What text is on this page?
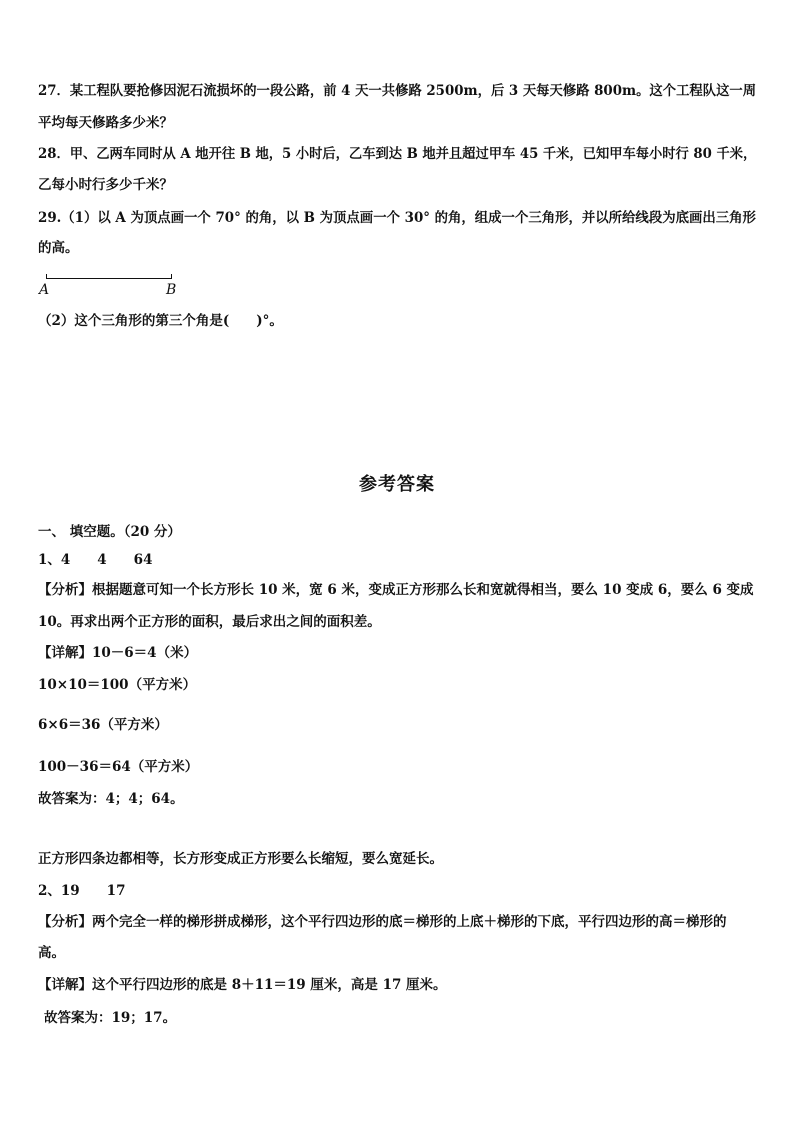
27．某工程队要抢修因泥石流损坏的一段公路，前 4 天一共修路 2500m，后 3 天每天修路 800m。这个工程队这一周
平均每天修路多少米？
28．甲、乙两车同时从 A 地开往 B 地，5 小时后，乙车到达 B 地并且超过甲车 45 千米，已知甲车每小时行 80 千米，
乙每小时行多少千米？
29.（1）以 A 为顶点画一个 70° 的角，以 B 为顶点画一个 30° 的角，组成一个三角形，并以所给线段为底画出三角形
的高。
A	B
（2）这个三角形的第三个角是(　　)°。
参考答案
一、 填空题。（20 分）
1、4　　4　　64
【分析】根据题意可知一个长方形长 10 米，宽 6 米，变成正方形那么长和宽就得相当，要么 10 变成 6，要么 6 变成
10。再求出两个正方形的面积，最后求出之间的面积差。
【详解】10－6＝4（米）
10×10＝100（平方米）
6×6＝36（平方米）
100－36＝64（平方米）
故答案为：4；4；64。
正方形四条边都相等，长方形变成正方形要么长缩短，要么宽延长。
2、19　　17
【分析】两个完全一样的梯形拼成梯形，这个平行四边形的底＝梯形的上底＋梯形的下底，平行四边形的高＝梯形的
高。
【详解】这个平行四边形的底是 8＋11＝19 厘米，高是 17 厘米。
故答案为：19；17。
